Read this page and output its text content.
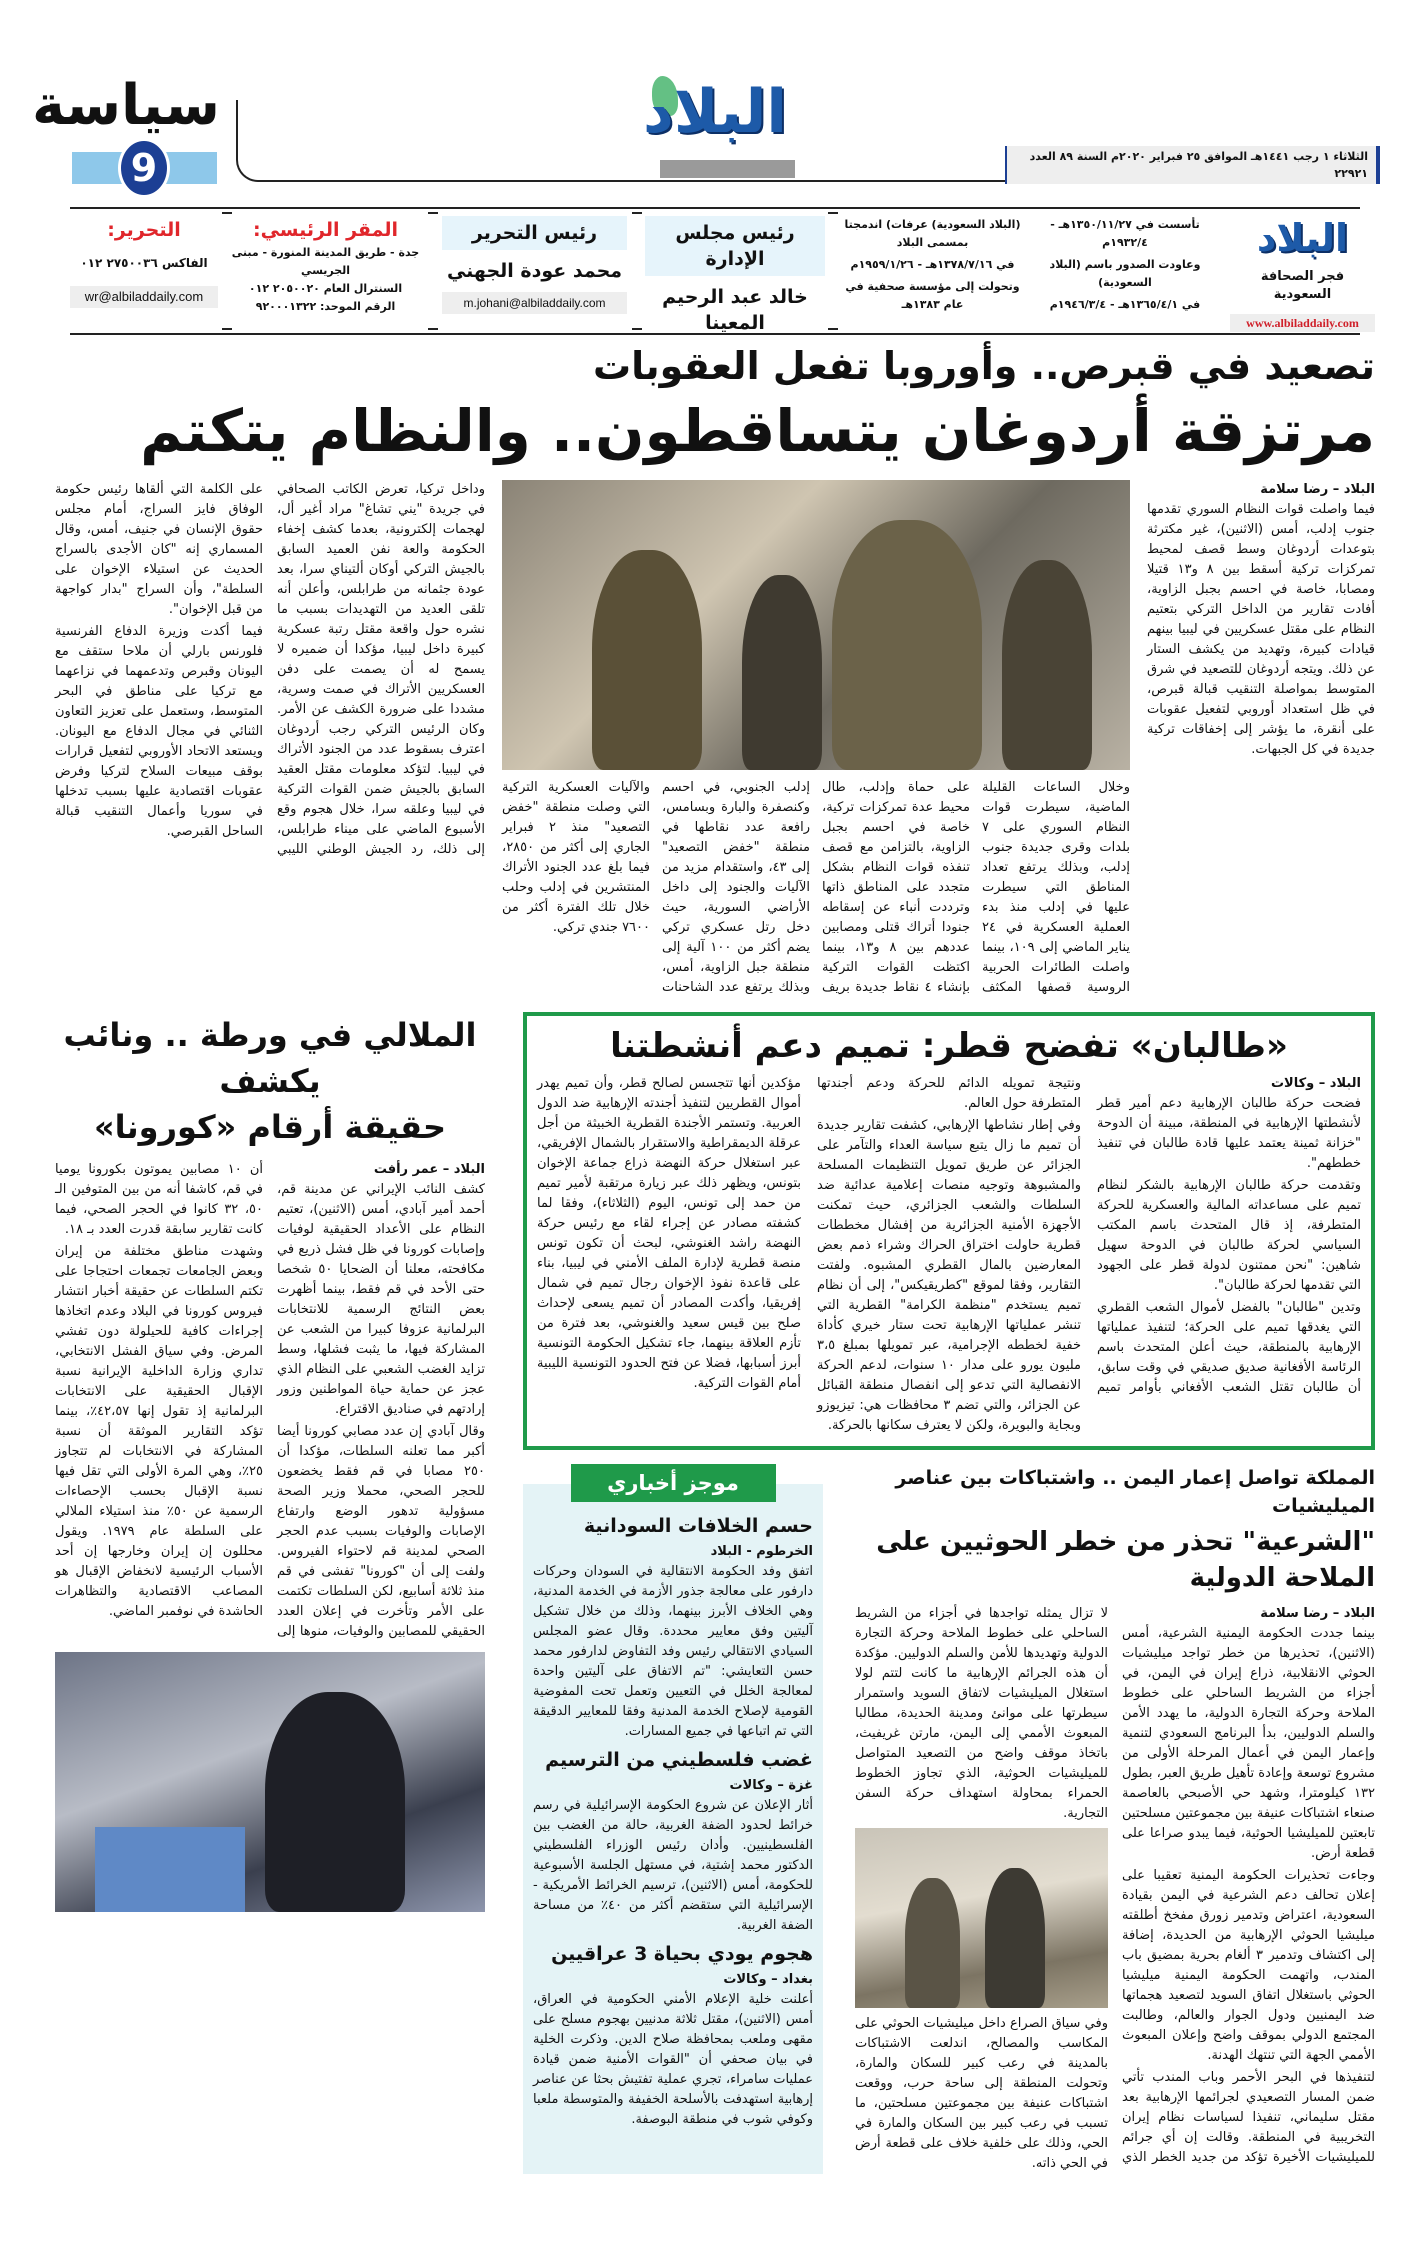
سياسة
9
البلاد
الثلاثاء ١ رجب ١٤٤١هـ الموافق ٢٥ فبراير ٢٠٢٠م السنة ٨٩ العدد ٢٢٩٢١
البلاد
فجر الصحافة السعودية
www.albiladdaily.com
تأسست في ١٣٥٠/١١/٢٧هـ - ١٩٣٢/٤م
وعاودت الصدور باسم (البلاد السعودية)
في ١٣٦٥/٤/١هـ - ١٩٤٦/٣/٤م
(البلاد السعودية) عرفات) اندمجتا بمسمى البلاد
في ١٣٧٨/٧/١٦هـ - ١٩٥٩/١/٢٦م
وتحولت إلى مؤسسة صحفية في عام ١٣٨٣هـ
رئيس مجلس الإدارة
خالد عبد الرحيم المعينا
رئيس التحرير
محمد عودة الجهني
m.johani@albiladdaily.com
المقر الرئيسي:
جدة - طريق المدينة المنورة - مبنى الجريسي
السنترال العام ٢٠٥٠٠٢٠ ٠١٢
الرقم الموحد: ٩٢٠٠٠١٣٢٢
التحرير:
الفاكس ٢٧٥٠٠٣٦ ٠١٢
wr@albiladdaily.com
تصعيد في قبرص.. وأوروبا تفعل العقوبات
مرتزقة أردوغان يتساقطون.. والنظام يتكتم
البلاد – رضا سلامة

فيما واصلت قوات النظام السوري تقدمها جنوب إدلب، أمس (الاثنين)، غير مكترثة بتوعدات أردوغان وسط قصف لمحيط تمركزات تركية أسقط بين ٨ و١٣ قتيلا ومصابا، خاصة في احسم بجبل الزاوية، أفادت تقارير من الداخل التركي بتعتيم النظام على مقتل عسكريين في ليبيا بينهم قيادات كبيرة، وتهديد من يكشف الستار عن ذلك. ويتجه أردوغان للتصعيد في شرق المتوسط بمواصلة التنقيب قبالة قبرص، في ظل استعداد أوروبي لتفعيل عقوبات على أنقرة، ما يؤشر إلى إخفاقات تركية جديدة في كل الجبهات.

وخلال الساعات القليلة الماضية، سيطرت قوات النظام السوري على ٧ بلدات وقرى جديدة جنوب إدلب، وبذلك يرتفع تعداد المناطق التي سيطرت عليها في إدلب منذ بدء العملية العسكرية في ٢٤ يناير الماضي إلى ١٠٩، بينما واصلت الطائرات الحربية الروسية قصفها المكثف على حماة وإدلب، طال محيط عدة تمركزات تركية، خاصة في احسم بجبل الزاوية، بالتزامن مع قصف تنفذه قوات النظام بشكل متجدد على المناطق ذاتها وترددت أنباء عن إسقاطه جنودا أتراك قتلى ومصابين عددهم بين ٨ و١٣، بينما اكتظت القوات التركية بإنشاء ٤ نقاط جديدة بريف إدلب الجنوبي، في احسم وكنصفرة والبارة وبسامس، رافعة عدد نقاطها في منطقة "خفض التصعيد" إلى ٤٣، واستقدام مزيد من الآليات والجنود إلى داخل الأراضي السورية، حيث دخل رتل عسكري تركي يضم أكثر من ١٠٠ آلية إلى منطقة جبل الزاوية، أمس، وبذلك يرتفع عدد الشاحنات والآليات العسكرية التركية التي وصلت منطقة "خفض التصعيد" منذ ٢ فبراير الجاري إلى أكثر من ٢٨٥٠، فيما بلغ عدد الجنود الأتراك المنتشرين في إدلب وحلب خلال تلك الفترة أكثر من ٧٦٠٠ جندي تركي.

وداخل تركيا، تعرض الكاتب الصحافي في جريدة "يني تشاغ" مراد أغير أل، لهجمات إلكترونية، بعدما كشف إخفاء الحكومة والعة نفن العميد السابق بالجيش التركي أوكان ألتيناي سرا، بعد عودة جثمانه من طرابلس، وأعلن أنه تلقى العديد من التهديدات بسبب ما نشره حول واقعة مقتل رتبة عسكرية كبيرة داخل ليبيا، مؤكدا أن ضميره لا يسمح له أن يصمت على دفن العسكريين الأتراك في صمت وسرية، مشددا على ضرورة الكشف عن الأمر. وكان الرئيس التركي رجب أردوغان اعترف بسقوط عدد من الجنود الأتراك في ليبيا. لتؤكد معلومات مقتل العقيد السابق بالجيش ضمن القوات التركية في ليبيا وعلقه سرا، خلال هجوم وقع الأسبوع الماضي على ميناء طرابلس، إلى ذلك، رد الجيش الوطني الليبي على الكلمة التي ألقاها رئيس حكومة الوفاق فايز السراج، أمام مجلس حقوق الإنسان في جنيف، أمس، وقال المسماري إنه "كان الأجدى بالسراج الحديث عن استيلاء الإخوان على السلطة"، وأن السراج "بدار كواجهة من قبل الإخوان".

فيما أكدت وزيرة الدفاع الفرنسية فلورنس بارلي أن ملاحا ستقف مع اليونان وقبرص وتدعمهما في نزاعهما مع تركيا على مناطق في البحر المتوسط، وستعمل على تعزيز التعاون الثنائي في مجال الدفاع مع اليونان. ويستعد الاتحاد الأوروبي لتفعيل قرارات بوقف مبيعات السلاح لتركيا وفرض عقوبات اقتصادية عليها بسبب تدخلها في سوريا وأعمال التنقيب قبالة الساحل القبرصي.

«طالبان» تفضح قطر: تميم دعم أنشطتنا
البلاد – وكالات

فضحت حركة طالبان الإرهابية دعم أمير قطر لأنشطتها الإرهابية في المنطقة، مبينة أن الدوحة "خزانة ثمينة يعتمد عليها قادة طالبان في تنفيذ خططهم".

وتقدمت حركة طالبان الإرهابية بالشكر لنظام تميم على مساعداته المالية والعسكرية للحركة المتطرفة، إذ قال المتحدث باسم المكتب السياسي لحركة طالبان في الدوحة سهيل شاهين: "نحن ممتنون لدولة قطر على الجهود التي تقدمها لحركة طالبان".

وتدين "طالبان" بالفضل لأموال الشعب القطري التي يغدقها تميم على الحركة؛ لتنفيذ عملياتها الإرهابية بالمنطقة، حيث أعلن المتحدث باسم الرئاسة الأفغانية صديق صديقي في وقت سابق، أن طالبان تقتل الشعب الأفغاني بأوامر تميم ونتيجة تمويله الدائم للحركة ودعم أجندتها المتطرفة حول العالم.

وفي إطار نشاطها الإرهابي، كشفت تقارير جديدة أن تميم ما زال يتبع سياسة العداء والتآمر على الجزائر عن طريق تمويل التنظيمات المسلحة والمشبوهة وتوجيه منصات إعلامية عدائية ضد السلطات والشعب الجزائري، حيث تمكنت الأجهزة الأمنية الجزائرية من إفشال مخططات قطرية حاولت اختراق الحراك وشراء ذمم بعض المعارضين بالمال القطري المشبوه. ولفتت التقارير، وفقا لموقع "كطريقيكس"، إلى أن نظام تميم يستخدم "منظمة الكرامة" القطرية التي تنشر عملياتها الإرهابية تحت ستار خيري كأداة خفية لخططه الإجرامية، عبر تمويلها بمبلغ ٣،٥ مليون يورو على مدار ١٠ سنوات، لدعم الحركة الانفصالية التي تدعو إلى انفصال منطقة القبائل عن الجزائر، والتي تضم ٣ محافظات هي: تيزيوزو وبجاية والبويرة، ولكن لا يعترف سكانها بالحركة.

مؤكدين أنها تتجسس لصالح قطر، وأن تميم يهدر أموال القطريين لتنفيذ أجندته الإرهابية ضد الدول العربية. وتستمر الأجندة القطرية الخبيثة من أجل عرقلة الديمقراطية والاستقرار بالشمال الإفريقي، عبر استغلال حركة النهضة ذراع جماعة الإخوان بتونس، ويظهر ذلك عبر زيارة مرتقبة لأمير تميم من حمد إلى تونس، اليوم (الثلاثاء)، وفقا لما كشفته مصادر عن إجراء لقاء مع رئيس حركة النهضة راشد الغنوشي، لبحث أن تكون تونس منصة قطرية لإدارة الملف الأمني في ليبيا، بناء على قاعدة نفوذ الإخوان رجال تميم في شمال إفريقيا، وأكدت المصادر أن تميم يسعى لإحداث صلح بين قيس سعيد والغنوشي، بعد فترة من تأزم العلاقة بينهما، جاء تشكيل الحكومة التونسية أبرز أسبابها، فضلا عن فتح الحدود التونسية الليبية أمام القوات التركية.

المملكة تواصل إعمار اليمن .. واشتباكات بين عناصر الميليشيات
"الشرعية" تحذر من خطر الحوثيين على الملاحة الدولية
البلاد – رضا سلامة

بينما جددت الحكومة اليمنية الشرعية، أمس (الاثنين)، تحذيرها من خطر تواجد ميليشيات الحوثي الانقلابية، ذراع إيران في اليمن، في أجزاء من الشريط الساحلي على خطوط الملاحة وحركة التجارة الدولية، ما يهدد الأمن والسلم الدوليين، بدأ البرنامج السعودي لتنمية وإعمار اليمن في أعمال المرحلة الأولى من مشروع توسعة وإعادة تأهيل طريق العبر، بطول ١٣٢ كيلومترا، وشهد حي الأصبحي بالعاصمة صنعاء اشتباكات عنيفة بين مجموعتين مسلحتين تابعتين للميليشيا الحوثية، فيما يبدو صراعا على قطعة أرض.

وجاءت تحذيرات الحكومة اليمنية تعقيبا على إعلان تحالف دعم الشرعية في اليمن بقيادة السعودية، اعتراض وتدمير زورق مفخخ أطلقته ميليشيا الحوثي الإرهابية من الحديدة، إضافة إلى اكتشاف وتدمير ٣ ألغام بحرية بمضيق باب المندب، واتهمت الحكومة اليمنية ميليشيا الحوثي باستغلال اتفاق السويد لتصعيد هجماتها ضد اليمنيين ودول الجوار والعالم، وطالبت المجتمع الدولي بموقف واضح وإعلان المبعوث الأممي الجهة التي تنتهك الهدنة.

لتنفيذها في البحر الأحمر وباب المندب تأتي ضمن المسار التصعيدي لجرائمها الإرهابية بعد مقتل سليماني، تنفيذا لسياسات نظام إيران التخريبية في المنطقة. وقالت إن أي جرائم للميليشيات الأخيرة تؤكد من جديد الخطر الذي لا تزال يمثله تواجدها في أجزاء من الشريط الساحلي على خطوط الملاحة وحركة التجارة الدولية وتهديدها للأمن والسلم الدوليين. مؤكدة أن هذه الجرائم الإرهابية ما كانت لتتم لولا استغلال الميليشيات لاتفاق السويد واستمرار سيطرتها على موانئ ومدينة الحديدة، مطالبا المبعوث الأممي إلى اليمن، مارتن غريفيث، باتخاذ موقف واضح من التصعيد المتواصل للميليشيات الحوثية، الذي تجاوز الخطوط الحمراء بمحاولة استهداف حركة السفن التجارية.

وفي سياق الصراع داخل ميليشيات الحوثي على المكاسب والمصالح، اندلعت الاشتباكات بالمدينة في رعب كبير للسكان والمارة، وتحولت المنطقة إلى ساحة حرب، ووقعت اشتباكات عنيفة بين مجموعتين مسلحتين، ما تسبب في رعب كبير بين السكان والمارة في الحي، وذلك على خلفية خلاف على قطعة أرض في الحي ذاته.

موجز أخباري
حسم الخلافات السودانية
الخرطوم - البلاد

اتفق وفد الحكومة الانتقالية في السودان وحركات دارفور على معالجة جذور الأزمة في الخدمة المدنية، وهي الخلاف الأبرز بينهما، وذلك من خلال تشكيل آليتين وفق معايير محددة. وقال عضو المجلس السيادي الانتقالي رئيس وفد التفاوض لدارفور محمد حسن التعايشي: "تم الاتفاق على آليتين واحدة لمعالجة الخلل في التعيين وتعمل تحت المفوضية القومية لإصلاح الخدمة المدنية وفقا للمعايير الدقيقة التي تم اتباعها في جميع المسارات.

غضب فلسطيني من الترسيم
غزة – وكالات

أثار الإعلان عن شروع الحكومة الإسرائيلية في رسم خرائط لحدود الضفة الغربية، حالة من الغضب بين الفلسطينيين. وأدان رئيس الوزراء الفلسطيني الدكتور محمد إشتية، في مستهل الجلسة الأسبوعية للحكومة، أمس (الاثنين)، ترسيم الخرائط الأمريكية - الإسرائيلية التي ستقضم أكثر من ٤٠٪ من مساحة الضفة الغربية.

هجوم يودي بحياة 3 عراقيين
بغداد – وكالات

أعلنت خلية الإعلام الأمني الحكومية في العراق، أمس (الاثنين)، مقتل ثلاثة مدنيين بهجوم مسلح على مقهى وملعب بمحافظة صلاح الدين. وذكرت الخلية في بيان صحفي أن "القوات الأمنية ضمن قيادة عمليات سامراء، تجري عملية تفتيش بحثا عن عناصر إرهابية استهدفت بالأسلحة الخفيفة والمتوسطة ملعبا وكوفي شوب في منطقة البوصفة.

الملالي في ورطة .. ونائب يكشف
حقيقة أرقام «كورونا»
البلاد – عمر رأفت

كشف النائب الإيراني عن مدينة قم، أحمد أمير آبادي، أمس (الاثنين)، تعتيم النظام على الأعداد الحقيقية لوفيات وإصابات كورونا في ظل فشل ذريع في مكافحته، معلنا أن الضحايا ٥٠ شخصا حتى الأحد في قم فقط، بينما أظهرت بعض النتائج الرسمية للانتخابات البرلمانية عزوفا كبيرا من الشعب عن المشاركة فيها، ما يثبت فشلها، وسط تزايد الغضب الشعبي على النظام الذي عجز عن حماية حياة المواطنين وزور إرادتهم في صناديق الاقتراع.

وقال آبادي إن عدد مصابي كورونا أيضا أكبر مما تعلنه السلطات، مؤكدا أن ٢٥٠ مصابا في قم فقط يخضعون للحجر الصحي، محملا وزير الصحة مسؤولية تدهور الوضع وارتفاع الإصابات والوفيات بسبب عدم الحجر الصحي لمدينة قم لاحتواء الفيروس. ولفت إلى أن "كورونا" تفشى في قم منذ ثلاثة أسابيع، لكن السلطات تكتمت على الأمر وتأخرت في إعلان العدد الحقيقي للمصابين والوفيات، منوها إلى أن ١٠ مصابين يموتون بكورونا يوميا في قم، كاشفا أنه من بين المتوفين الـ ٥٠، ٣٢ كانوا في الحجر الصحي، فيما كانت تقارير سابقة قدرت العدد بـ ١٨.

وشهدت مناطق مختلفة من إيران وبعض الجامعات تجمعات احتجاجا على تكتم السلطات عن حقيقة أخبار انتشار فيروس كورونا في البلاد وعدم اتخاذها إجراءات كافية للحيلولة دون تفشي المرض. وفي سياق الفشل الانتخابي، تداري وزارة الداخلية الإيرانية نسبة الإقبال الحقيقية على الانتخابات البرلمانية إذ تقول إنها ٤٢،٥٧٪، بينما تؤكد التقارير الموثقة أن نسبة المشاركة في الانتخابات لم تتجاوز ٢٥٪، وهي المرة الأولى التي تقل فيها نسبة الإقبال بحسب الإحصاءات الرسمية عن ٥٠٪ منذ استيلاء الملالي على السلطة عام ١٩٧٩. ويقول محللون إن إيران وخارجها إن أحد الأسباب الرئيسية لانخفاض الإقبال هو المصاعب الاقتصادية والتظاهرات الحاشدة في نوفمبر الماضي.
